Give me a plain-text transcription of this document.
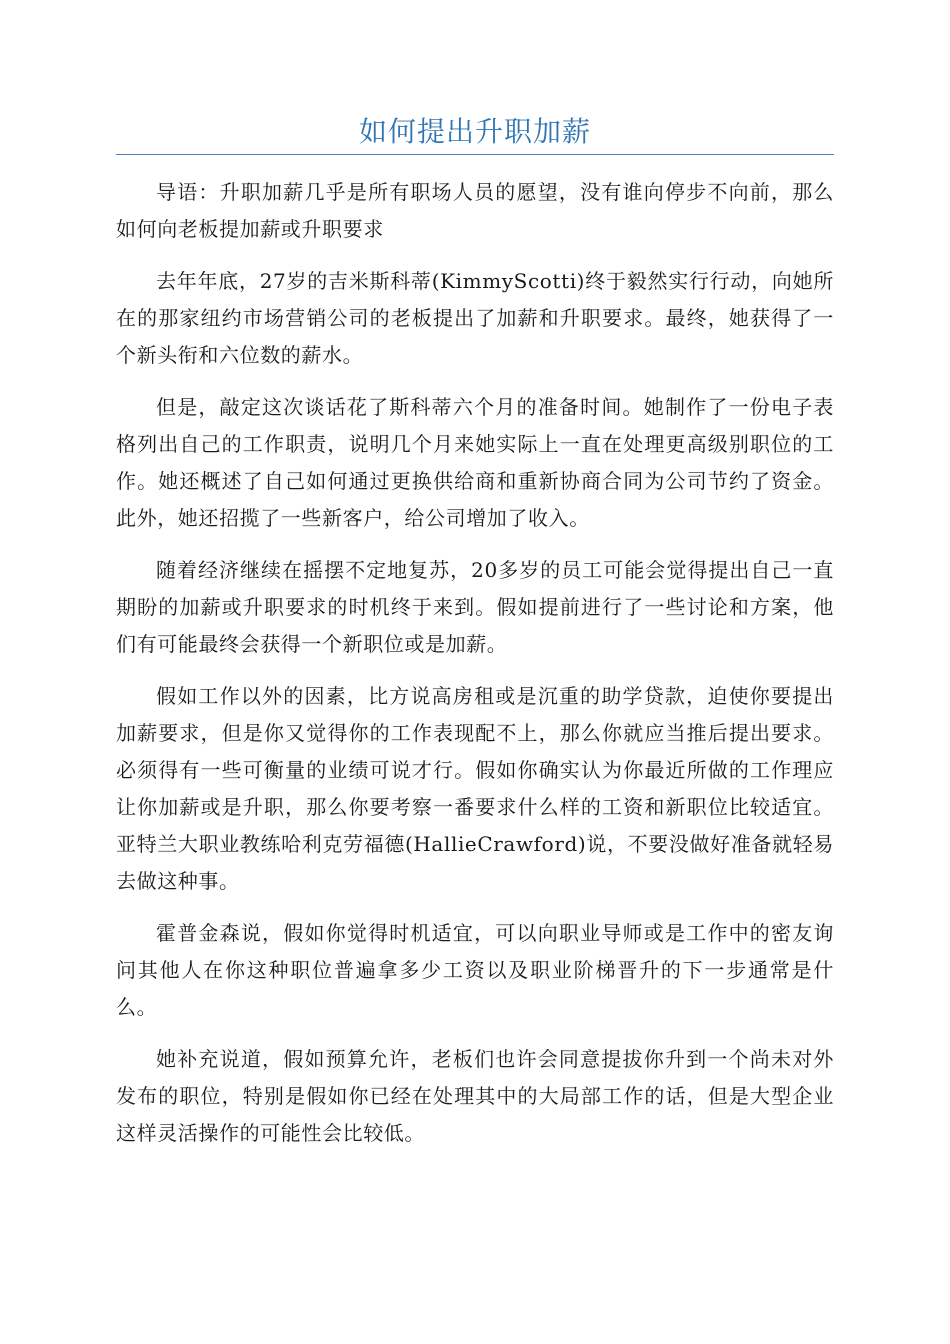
如何提出升职加薪

导语：升职加薪几乎是所有职场人员的愿望，没有谁向停步不向前，那么如何向老板提加薪或升职要求

去年年底，27岁的吉米斯科蒂(KimmyScotti)终于毅然实行行动，向她所在的那家纽约市场营销公司的老板提出了加薪和升职要求。最终，她获得了一个新头衔和六位数的薪水。

但是，敲定这次谈话花了斯科蒂六个月的准备时间。她制作了一份电子表格列出自己的工作职责，说明几个月来她实际上一直在处理更高级别职位的工作。她还概述了自己如何通过更换供给商和重新协商合同为公司节约了资金。此外，她还招揽了一些新客户，给公司增加了收入。

随着经济继续在摇摆不定地复苏，20多岁的员工可能会觉得提出自己一直期盼的加薪或升职要求的时机终于来到。假如提前进行了一些讨论和方案，他们有可能最终会获得一个新职位或是加薪。

假如工作以外的因素，比方说高房租或是沉重的助学贷款，迫使你要提出加薪要求，但是你又觉得你的工作表现配不上，那么你就应当推后提出要求。必须得有一些可衡量的业绩可说才行。假如你确实认为你最近所做的工作理应让你加薪或是升职，那么你要考察一番要求什么样的工资和新职位比较适宜。亚特兰大职业教练哈利克劳福德(HallieCrawford)说，不要没做好准备就轻易去做这种事。

霍普金森说，假如你觉得时机适宜，可以向职业导师或是工作中的密友询问其他人在你这种职位普遍拿多少工资以及职业阶梯晋升的下一步通常是什么。

她补充说道，假如预算允许，老板们也许会同意提拔你升到一个尚未对外发布的职位，特别是假如你已经在处理其中的大局部工作的话，但是大型企业这样灵活操作的可能性会比较低。
